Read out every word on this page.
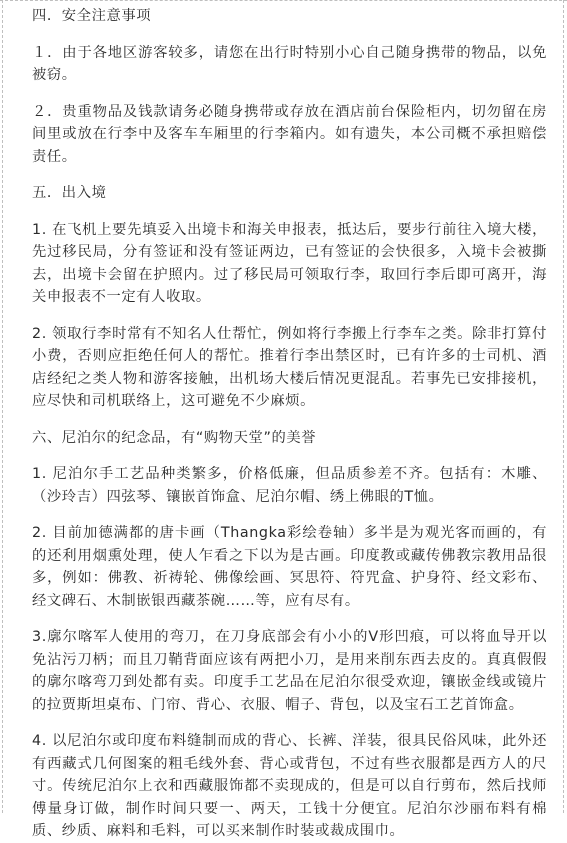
四．安全注意事项

１．由于各地区游客较多，请您在出行时特别小心自己随身携带的物品，以免被窃。

２．贵重物品及钱款请务必随身携带或存放在酒店前台保险柜内，切勿留在房间里或放在行李中及客车车厢里的行李箱内。如有遗失，本公司概不承担赔偿责任。

五．出入境

1. 在飞机上要先填妥入出境卡和海关申报表，抵达后，要步行前往入境大楼，先过移民局，分有签证和没有签证两边，已有签证的会快很多，入境卡会被撕去，出境卡会留在护照内。过了移民局可领取行李，取回行李后即可离开，海关申报表不一定有人收取。

2. 领取行李时常有不知名人仕帮忙，例如将行李搬上行李车之类。除非打算付小费，否则应拒绝任何人的帮忙。推着行李出禁区时，已有许多的士司机、酒店经纪之类人物和游客接触，出机场大楼后情况更混乱。若事先已安排接机，应尽快和司机联络上，这可避免不少麻烦。

六、尼泊尔的纪念品，有“购物天堂”的美誉

1. 尼泊尔手工艺品种类繁多，价格低廉，但品质参差不齐。包括有：木雕、（沙玲吉）四弦琴、镶嵌首饰盒、尼泊尔帽、绣上佛眼的T恤。

2. 目前加德满都的唐卡画（Thangka彩绘卷轴）多半是为观光客而画的，有的还利用烟熏处理，使人乍看之下以为是古画。印度教或藏传佛教宗教用品很多，例如：佛教、祈祷轮、佛像绘画、冥思符、符咒盒、护身符、经文彩布、经文碑石、木制嵌银西藏茶碗……等，应有尽有。

3.廓尔喀军人使用的弯刀，在刀身底部会有小小的V形凹痕，可以将血导开以免沾污刀柄；而且刀鞘背面应该有两把小刀，是用来削东西去皮的。真真假假的廓尔喀弯刀到处都有卖。印度手工艺品在尼泊尔很受欢迎，镶嵌金线或镜片的拉贾斯坦桌布、门帘、背心、衣服、帽子、背包，以及宝石工艺首饰盒。

4. 以尼泊尔或印度布料缝制而成的背心、长裤、洋装，很具民俗风味，此外还有西藏式几何图案的粗毛线外套、背心或背包，不过有些衣服都是西方人的尺寸。传统尼泊尔上衣和西藏服饰都不卖现成的，但是可以自行剪布，然后找师傅量身订做，制作时间只要一、两天，工钱十分便宜。尼泊尔沙丽布料有棉质、纱质、麻料和毛料，可以买来制作时装或裁成围巾。
